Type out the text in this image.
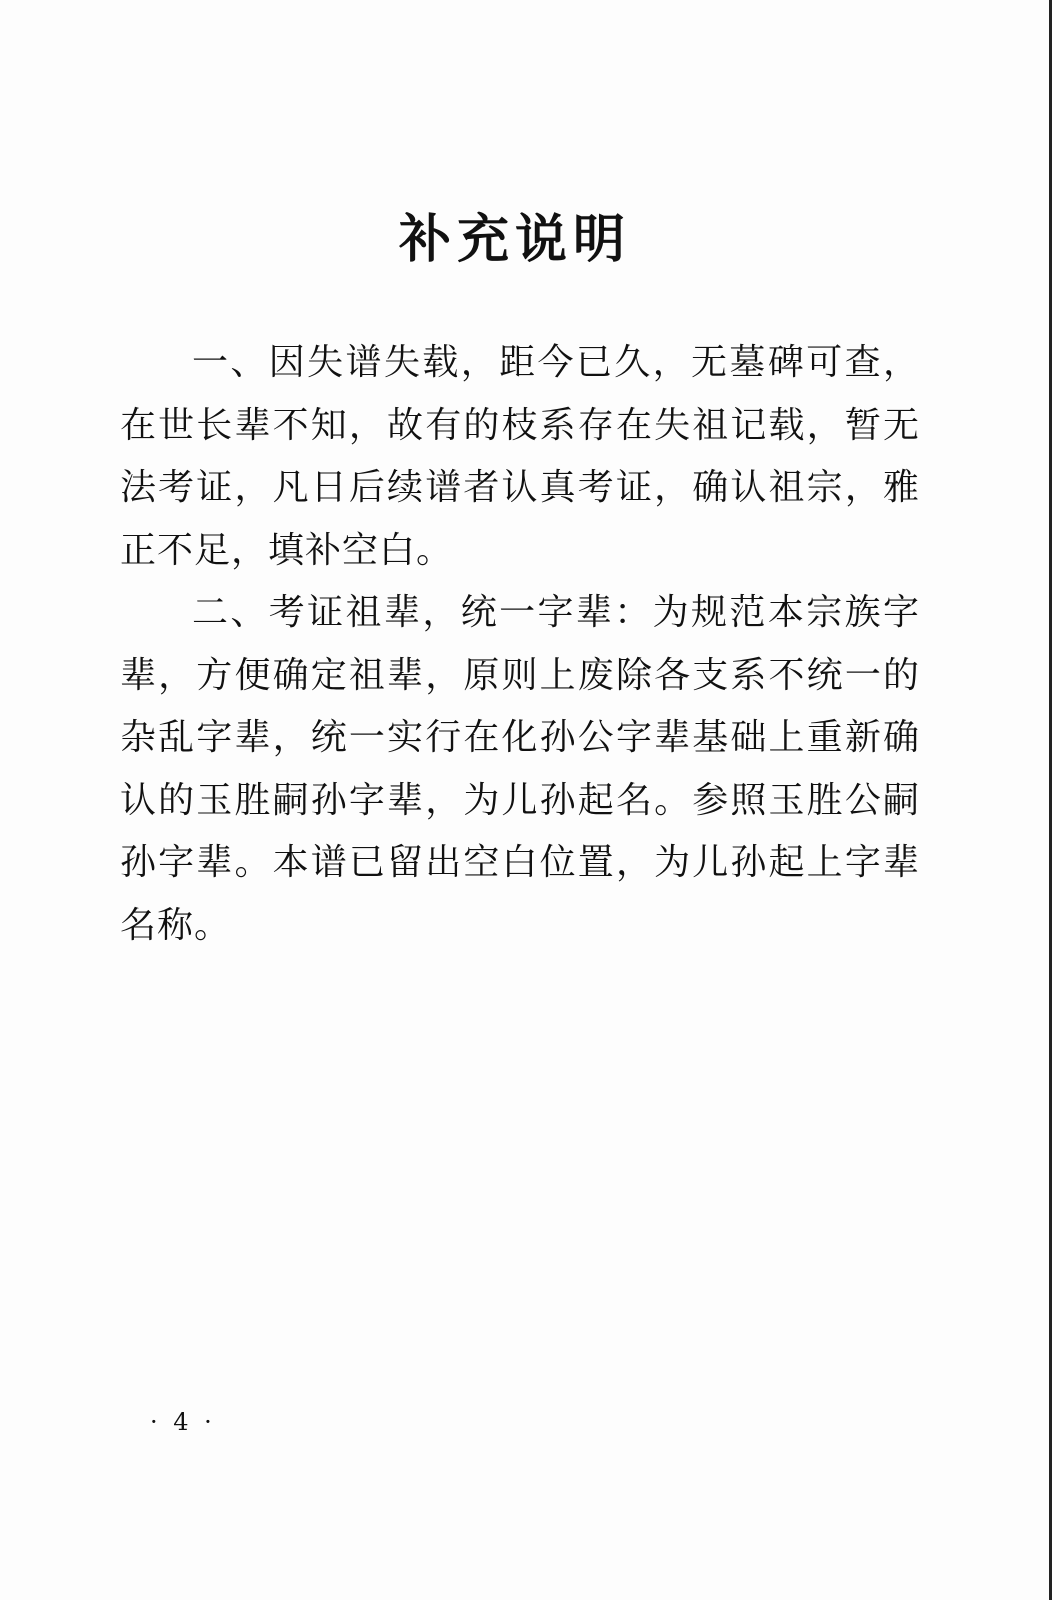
补充说明

一、因失谱失载，距今已久，无墓碑可查，在世长辈不知，故有的枝系存在失祖记载，暂无法考证，凡日后续谱者认真考证，确认祖宗，雅正不足，填补空白。

二、考证祖辈，统一字辈：为规范本宗族字辈，方便确定祖辈，原则上废除各支系不统一的杂乱字辈，统一实行在化孙公字辈基础上重新确认的玉胜嗣孙字辈，为儿孙起名。参照玉胜公嗣孙字辈。本谱已留出空白位置，为儿孙起上字辈名称。

· 4 ·
